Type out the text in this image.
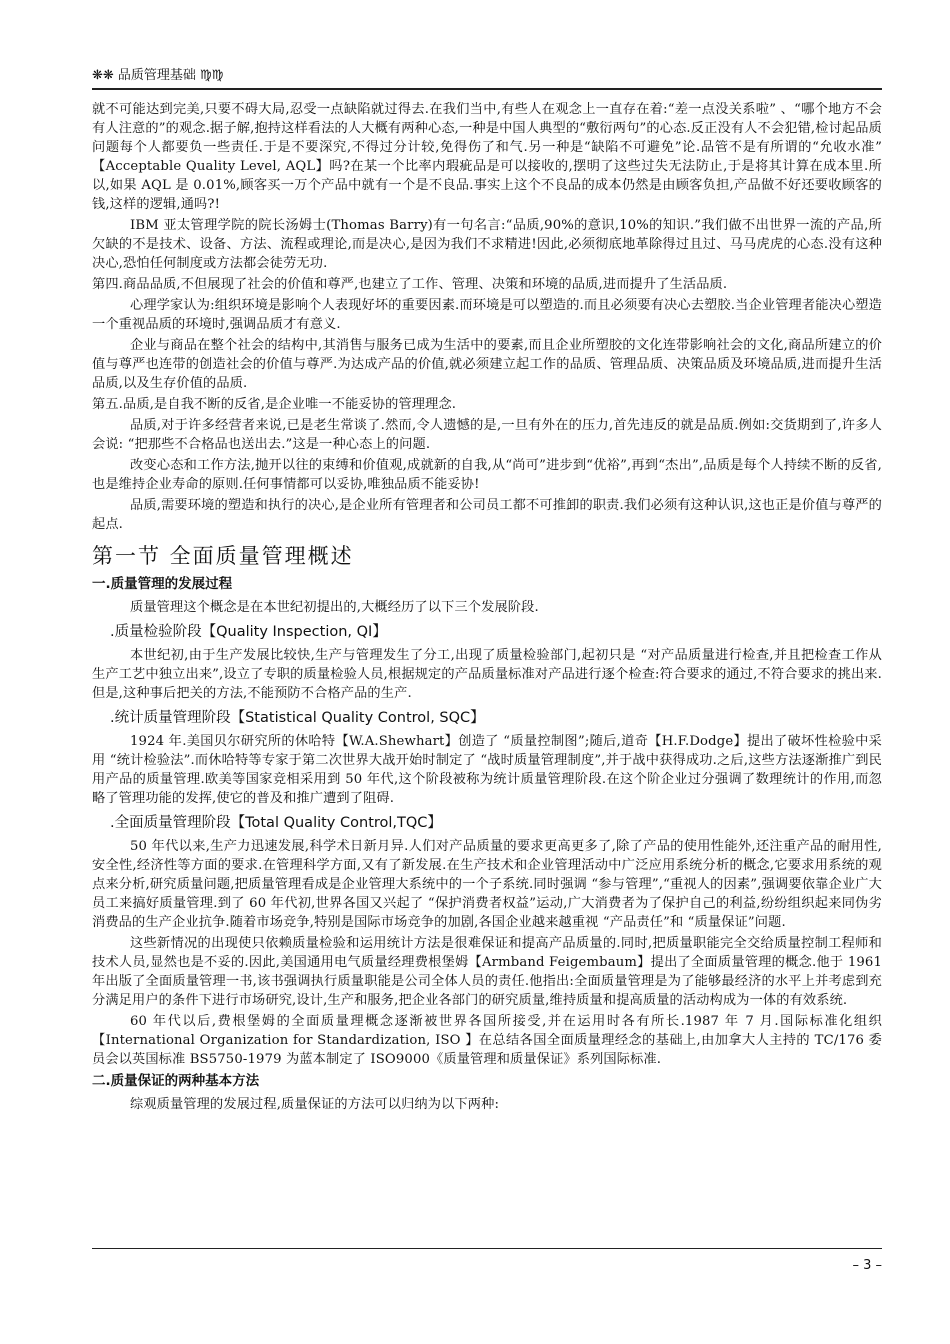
❋❋ 品质管理基础 ♍♍

就不可能达到完美,只要不碍大局,忍受一点缺陷就过得去.在我们当中,有些人在观念上一直存在着:“差一点没关系啦” 、“哪个地方不会有人注意的”的观念.据子解,抱持这样看法的人大概有两种心态,一种是中国人典型的“敷衍两句”的心态.反正没有人不会犯错,检讨起品质问题每个人都要负一些责任.于是不要深究,不得过分计较,免得伤了和气.另一种是“缺陷不可避免”论.品管不是有所谓的“允收水准” 【Acceptable Quality Level, AQL】吗?在某一个比率内瑕疵品是可以接收的,摆明了这些过失无法防止,于是将其计算在成本里.所以,如果 AQL 是 0.01%,顾客买一万个产品中就有一个是不良品.事实上这个不良品的成本仍然是由顾客负担,产品做不好还要收顾客的钱,这样的逻辑,通吗?!

IBM 亚太管理学院的院长汤姆士(Thomas Barry)有一句名言:“品质,90%的意识,10%的知识.”我们做不出世界一流的产品,所欠缺的不是技术、设备、方法、流程或理论,而是决心,是因为我们不求精进!因此,必须彻底地革除得过且过、马马虎虎的心态.没有这种决心,恐怕任何制度或方法都会徒劳无功.

第四.商品品质,不但展现了社会的价值和尊严,也建立了工作、管理、决策和环境的品质,进而提升了生活品质.

心理学家认为:组织环境是影响个人表现好坏的重要因素.而环境是可以塑造的.而且必须要有决心去塑胶.当企业管理者能决心塑造一个重视品质的环境时,强调品质才有意义.

企业与商品在整个社会的结构中,其消售与服务已成为生活中的要素,而且企业所塑胶的文化连带影响社会的文化,商品所建立的价值与尊严也连带的创造社会的价值与尊严.为达成产品的价值,就必须建立起工作的品质、管理品质、决策品质及环境品质,进而提升生活品质,以及生存价值的品质.

第五.品质,是自我不断的反省,是企业唯一不能妥协的管理理念.

品质,对于许多经营者来说,已是老生常谈了.然而,令人遗憾的是,一旦有外在的压力,首先违反的就是品质.例如:交货期到了,许多人会说: “把那些不合格品也送出去.”这是一种心态上的问题.

改变心态和工作方法,抛开以往的束缚和价值观,成就新的自我,从“尚可”进步到“优裕”,再到“杰出”,品质是每个人持续不断的反省,也是维持企业寿命的原则.任何事情都可以妥协,唯独品质不能妥协!

品质,需要环境的塑造和执行的决心,是企业所有管理者和公司员工都不可推卸的职责.我们必须有这种认识,这也正是价值与尊严的起点.

第一节 全面质量管理概述
一.质量管理的发展过程

质量管理这个概念是在本世纪初提出的,大概经历了以下三个发展阶段.

.质量检验阶段【Quality Inspection, QI】

本世纪初,由于生产发展比较快,生产与管理发生了分工,出现了质量检验部门,起初只是 “对产品质量进行检查,并且把检查工作从生产工艺中独立出来”,设立了专职的质量检验人员,根据规定的产品质量标准对产品进行逐个检查:符合要求的通过,不符合要求的挑出来.但是,这种事后把关的方法,不能预防不合格产品的生产.

.统计质量管理阶段【Statistical Quality Control, SQC】

1924 年.美国贝尔研究所的休哈特【W.A.Shewhart】创造了 “质量控制图”;随后,道奇【H.F.Dodge】提出了破坏性检验中采用 “统计检验法”.而休哈特等专家于第二次世界大战开始时制定了 “战时质量管理制度”,并于战中获得成功.之后,这些方法逐渐推广到民用产品的质量管理.欧美等国家竞相采用到 50 年代,这个阶段被称为统计质量管理阶段.在这个阶企业过分强调了数理统计的作用,而忽略了管理功能的发挥,使它的普及和推广遭到了阻碍.

.全面质量管理阶段【Total Quality Control,TQC】

50 年代以来,生产力迅速发展,科学术日新月异.人们对产品质量的要求更高更多了,除了产品的使用性能外,还注重产品的耐用性,安全性,经济性等方面的要求.在管理科学方面,又有了新发展.在生产技术和企业管理活动中广泛应用系统分析的概念,它要求用系统的观点来分析,研究质量问题,把质量管理看成是企业管理大系统中的一个子系统.同时强调 “参与管理”,“重视人的因素”,强调要依靠企业广大员工来搞好质量管理.到了 60 年代初,世界各国又兴起了 “保护消费者权益”运动,广大消费者为了保护自己的利益,纷纷组织起来同伪劣消费品的生产企业抗争.随着市场竞争,特别是国际市场竞争的加剧,各国企业越来越重视 “产品责任”和 “质量保证”问题.

这些新情况的出现使只依赖质量检验和运用统计方法是很难保证和提高产品质量的.同时,把质量职能完全交给质量控制工程师和技术人员,显然也是不妥的.因此,美国通用电气质量经理费根堡姆【Armband Feigembaum】提出了全面质量管理的概念.他于 1961 年出版了全面质量管理一书,该书强调执行质量职能是公司全体人员的责任.他指出:全面质量管理是为了能够最经济的水平上并考虑到充分满足用户的条件下进行市场研究,设计,生产和服务,把企业各部门的研究质量,维持质量和提高质量的活动构成为一体的有效系统.

60 年代以后,费根堡姆的全面质量理概念逐渐被世界各国所接受,并在运用时各有所长.1987 年 7 月.国际标准化组织【International Organization for Standardization, ISO 】在总结各国全面质量理经念的基础上,由加拿大人主持的 TC/176 委员会以英国标准 BS5750-1979 为蓝本制定了 ISO9000《质量管理和质量保证》系列国际标准.

二.质量保证的两种基本方法

综观质量管理的发展过程,质量保证的方法可以归纳为以下两种:

– 3 –
